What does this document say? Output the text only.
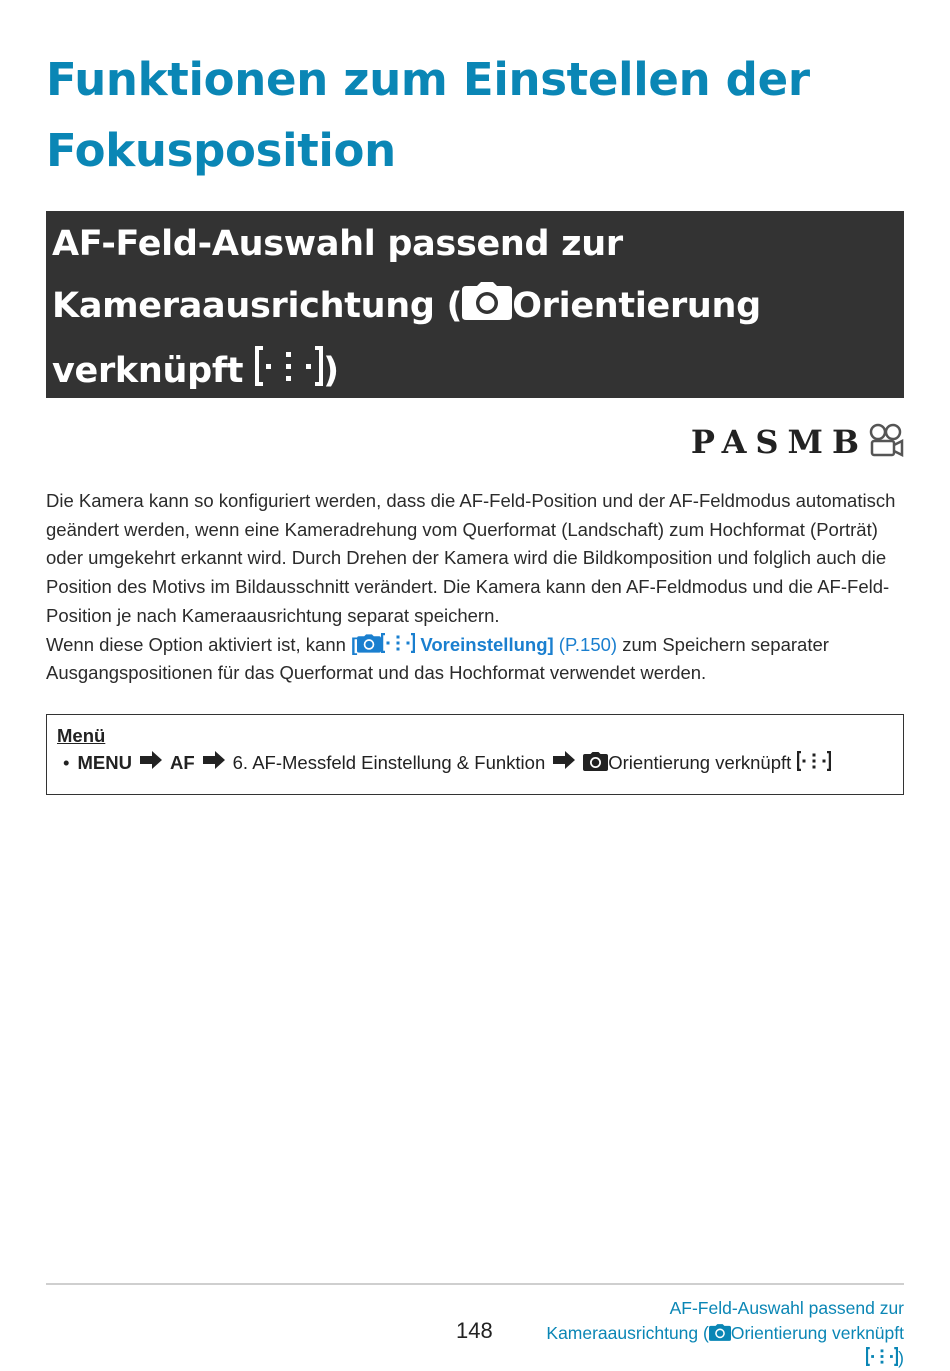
Funktionen zum Einstellen der
Fokusposition
AF-Feld-Auswahl passend zur
Kameraausrichtung ( Orientierung
verknüpft )
PASMB

Die Kamera kann so konfiguriert werden, dass die AF-Feld-Position und der AF-Feldmodus automatisch geändert werden, wenn eine Kameradrehung vom Querformat (Landschaft) zum Hochformat (Porträt) oder umgekehrt erkannt wird. Durch Drehen der Kamera wird die Bildkomposition und folglich auch die Position des Motivs im Bildausschnitt verändert. Die Kamera kann den AF-Feldmodus und die AF-Feld-Position je nach Kameraausrichtung separat speichern.
Wenn diese Option aktiviert ist, kann [	Voreinstellung] (P.150) zum Speichern separater Ausgangspositionen für das Querformat und das Hochformat verwendet werden.

Menü
• MENU AF 6. AF-Messfeld Einstellung & Funktion	Orientierung verknüpft
148
AF-Feld-Auswahl passend zur
Kameraausrichtung ( Orientierung verknüpft
)
